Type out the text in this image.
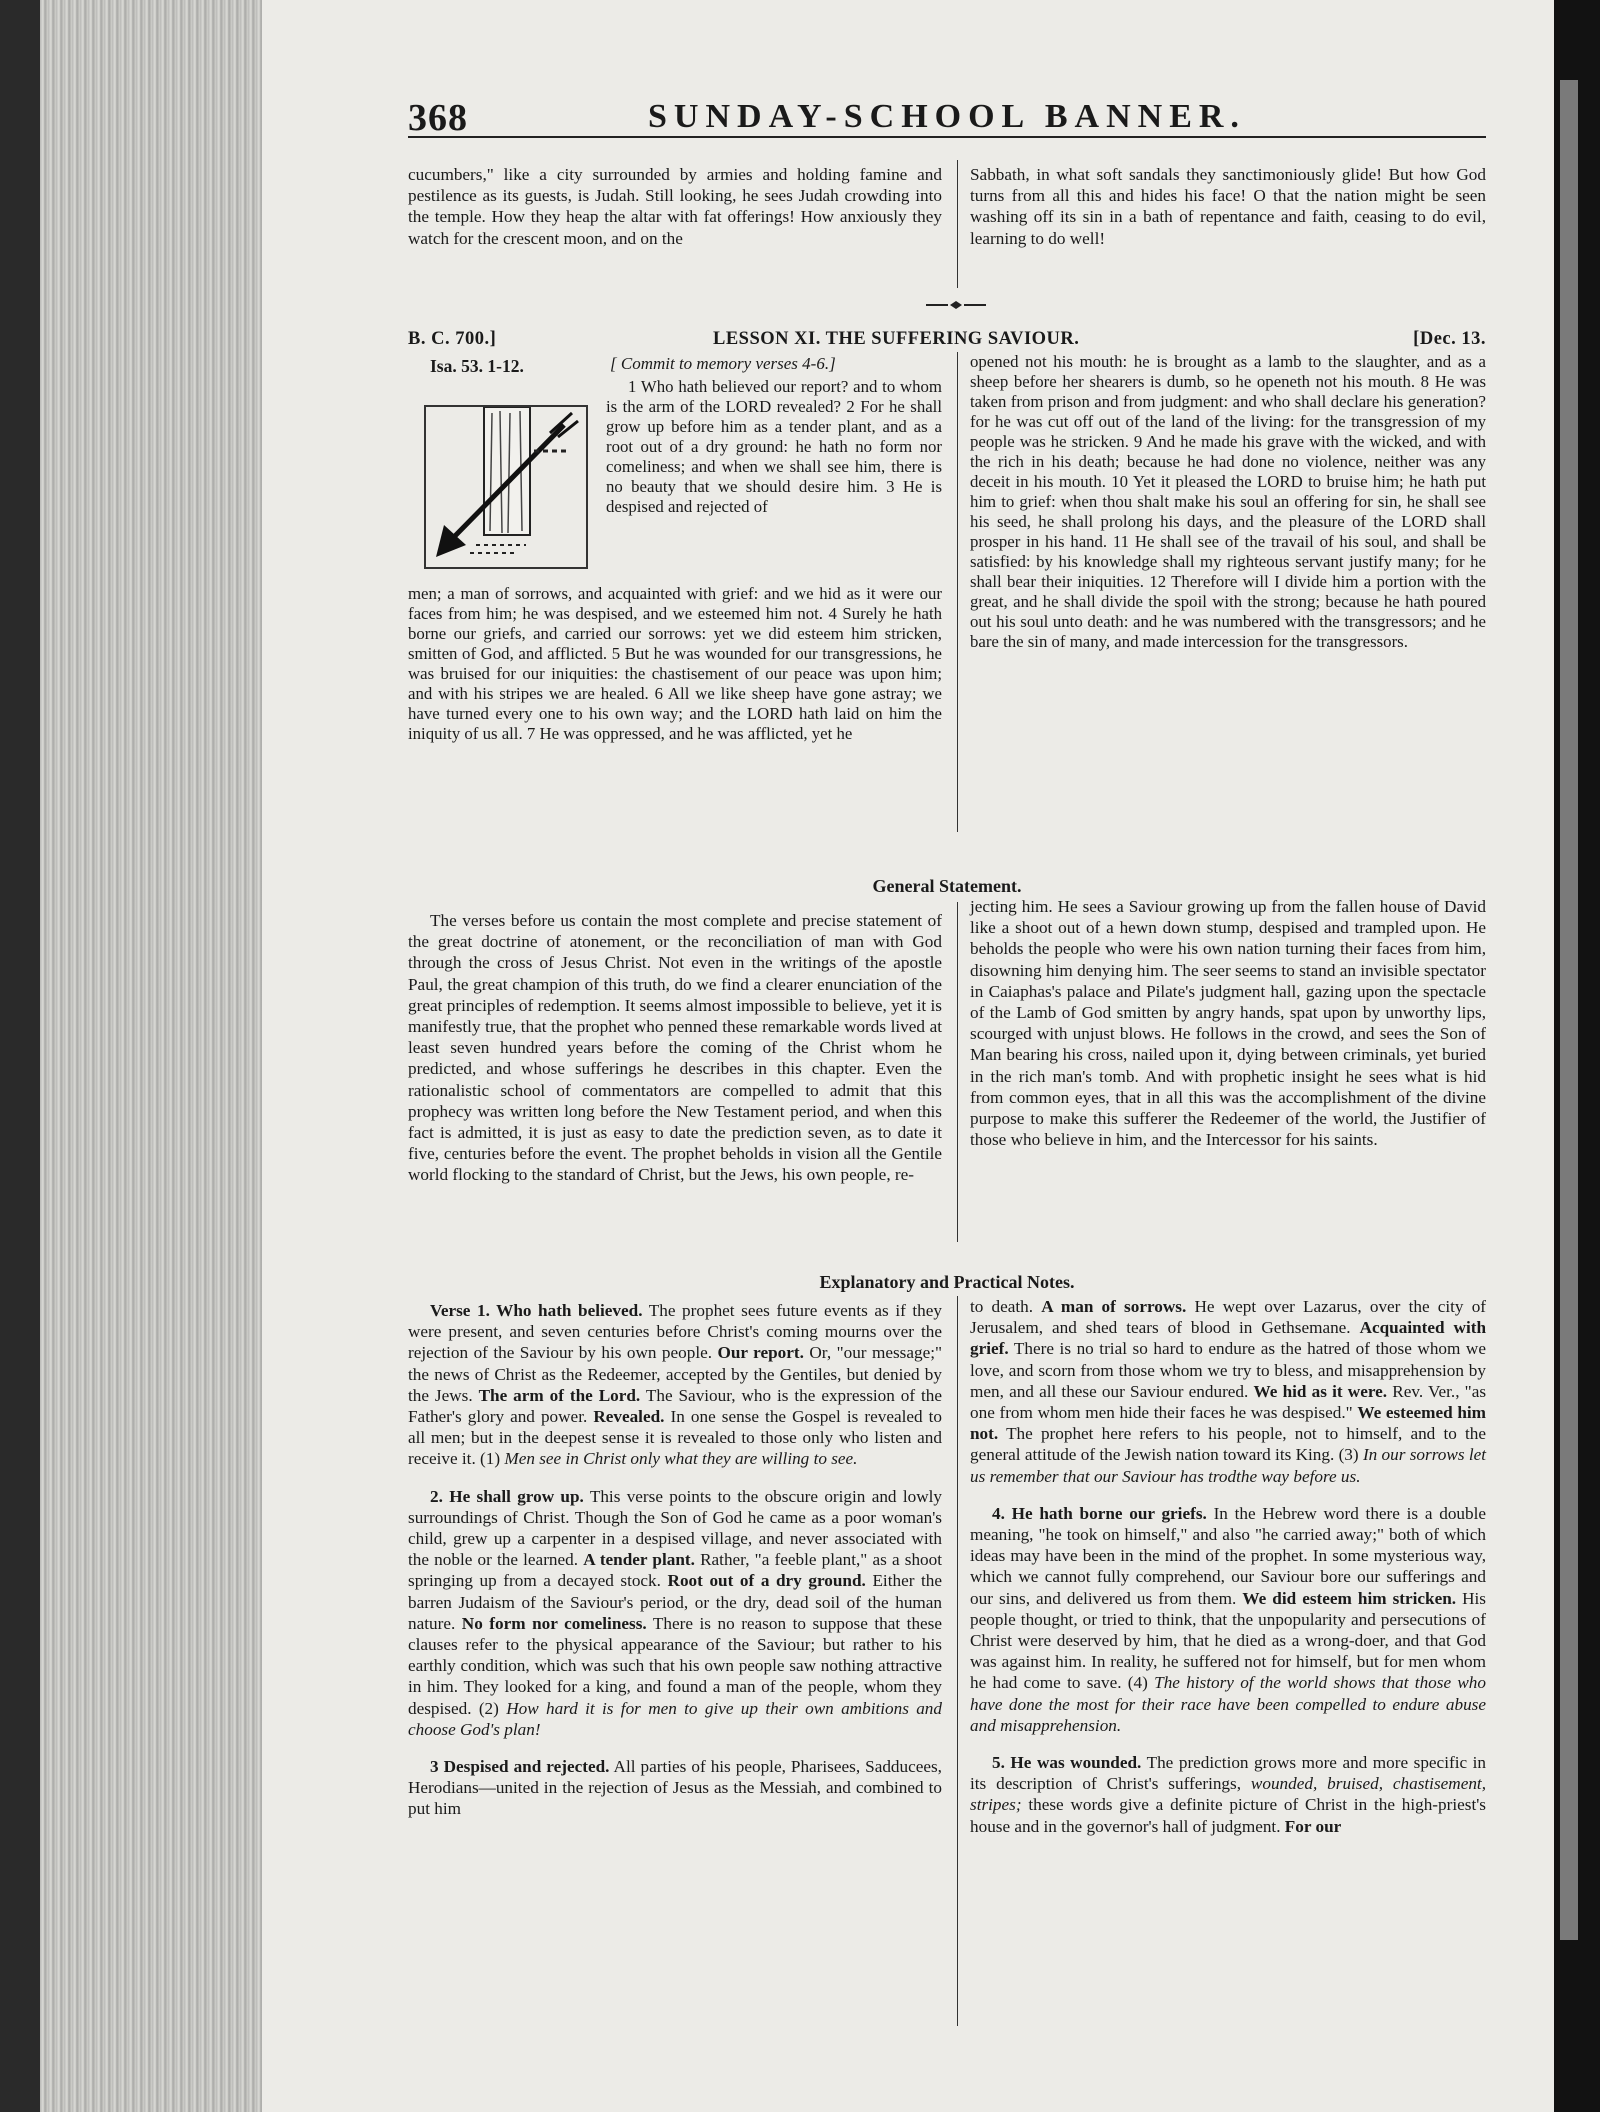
368	SUNDAY-SCHOOL BANNER.

cucumbers," like a city surrounded by armies and holding famine and pestilence as its guests, is Judah. Still looking, he sees Judah crowding into the temple. How they heap the altar with fat offerings! How anxiously they watch for the crescent moon, and on the

Sabbath, in what soft sandals they sanctimoniously glide! But how God turns from all this and hides his face! O that the nation might be seen washing off its sin in a bath of repentance and faith, ceasing to do evil, learning to do well!

B. C. 700.]	LESSON XI. THE SUFFERING SAVIOUR.	[Dec. 13.
Isa. 53. 1-12.	[ Commit to memory verses 4-6.]

1 Who hath believed our report? and to whom is the arm of the LORD revealed? 2 For he shall grow up before him as a tender plant, and as a root out of a dry ground: he hath no form nor comeliness; and when we shall see him, there is no beauty that we should desire him. 3 He is despised and rejected of

men; a man of sorrows, and acquainted with grief: and we hid as it were our faces from him; he was despised, and we esteemed him not. 4 Surely he hath borne our griefs, and carried our sorrows: yet we did esteem him stricken, smitten of God, and afflicted. 5 But he was wounded for our transgressions, he was bruised for our iniquities: the chastisement of our peace was upon him; and with his stripes we are healed. 6 All we like sheep have gone astray; we have turned every one to his own way; and the LORD hath laid on him the iniquity of us all. 7 He was oppressed, and he was afflicted, yet he

opened not his mouth: he is brought as a lamb to the slaughter, and as a sheep before her shearers is dumb, so he openeth not his mouth. 8 He was taken from prison and from judgment: and who shall declare his generation? for he was cut off out of the land of the living: for the transgression of my people was he stricken. 9 And he made his grave with the wicked, and with the rich in his death; because he had done no violence, neither was any deceit in his mouth. 10 Yet it pleased the LORD to bruise him; he hath put him to grief: when thou shalt make his soul an offering for sin, he shall see his seed, he shall prolong his days, and the pleasure of the LORD shall prosper in his hand. 11 He shall see of the travail of his soul, and shall be satisfied: by his knowledge shall my righteous servant justify many; for he shall bear their iniquities. 12 Therefore will I divide him a portion with the great, and he shall divide the spoil with the strong; because he hath poured out his soul unto death: and he was numbered with the transgressors; and he bare the sin of many, and made intercession for the transgressors.

General Statement.

The verses before us contain the most complete and precise statement of the great doctrine of atonement, or the reconciliation of man with God through the cross of Jesus Christ. Not even in the writings of the apostle Paul, the great champion of this truth, do we find a clearer enunciation of the great principles of redemption. It seems almost impossible to believe, yet it is manifestly true, that the prophet who penned these remarkable words lived at least seven hundred years before the coming of the Christ whom he predicted, and whose sufferings he describes in this chapter. Even the rationalistic school of commentators are compelled to admit that this prophecy was written long before the New Testament period, and when this fact is admitted, it is just as easy to date the prediction seven, as to date it five, centuries before the event. The prophet beholds in vision all the Gentile world flocking to the standard of Christ, but the Jews, his own people, re-

jecting him. He sees a Saviour growing up from the fallen house of David like a shoot out of a hewn down stump, despised and trampled upon. He beholds the people who were his own nation turning their faces from him, disowning him denying him. The seer seems to stand an invisible spectator in Caiaphas's palace and Pilate's judgment hall, gazing upon the spectacle of the Lamb of God smitten by angry hands, spat upon by unworthy lips, scourged with unjust blows. He follows in the crowd, and sees the Son of Man bearing his cross, nailed upon it, dying between criminals, yet buried in the rich man's tomb. And with prophetic insight he sees what is hid from common eyes, that in all this was the accomplishment of the divine purpose to make this sufferer the Redeemer of the world, the Justifier of those who believe in him, and the Intercessor for his saints.

Explanatory and Practical Notes.

Verse 1. Who hath believed. The prophet sees future events as if they were present, and seven centuries before Christ's coming mourns over the rejection of the Saviour by his own people. Our report. Or, "our message;" the news of Christ as the Redeemer, accepted by the Gentiles, but denied by the Jews. The arm of the Lord. The Saviour, who is the expression of the Father's glory and power. Revealed. In one sense the Gospel is revealed to all men; but in the deepest sense it is revealed to those only who listen and receive it. (1) Men see in Christ only what they are willing to see.

2. He shall grow up. This verse points to the obscure origin and lowly surroundings of Christ. Though the Son of God he came as a poor woman's child, grew up a carpenter in a despised village, and never associated with the noble or the learned. A tender plant. Rather, "a feeble plant," as a shoot springing up from a decayed stock. Root out of a dry ground. Either the barren Judaism of the Saviour's period, or the dry, dead soil of the human nature. No form nor comeliness. There is no reason to suppose that these clauses refer to the physical appearance of the Saviour; but rather to his earthly condition, which was such that his own people saw nothing attractive in him. They looked for a king, and found a man of the people, whom they despised. (2) How hard it is for men to give up their own ambitions and choose God's plan!

3 Despised and rejected. All parties of his people, Pharisees, Sadducees, Herodians—united in the rejection of Jesus as the Messiah, and combined to put him

to death. A man of sorrows. He wept over Lazarus, over the city of Jerusalem, and shed tears of blood in Gethsemane. Acquainted with grief. There is no trial so hard to endure as the hatred of those whom we love, and scorn from those whom we try to bless, and misapprehension by men, and all these our Saviour endured. We hid as it were. Rev. Ver., "as one from whom men hide their faces he was despised." We esteemed him not. The prophet here refers to his people, not to himself, and to the general attitude of the Jewish nation toward its King. (3) In our sorrows let us remember that our Saviour has trodthe way before us.

4. He hath borne our griefs. In the Hebrew word there is a double meaning, "he took on himself," and also "he carried away;" both of which ideas may have been in the mind of the prophet. In some mysterious way, which we cannot fully comprehend, our Saviour bore our sufferings and our sins, and delivered us from them. We did esteem him stricken. His people thought, or tried to think, that the unpopularity and persecutions of Christ were deserved by him, that he died as a wrong-doer, and that God was against him. In reality, he suffered not for himself, but for men whom he had come to save. (4) The history of the world shows that those who have done the most for their race have been compelled to endure abuse and misapprehension.

5. He was wounded. The prediction grows more and more specific in its description of Christ's sufferings, wounded, bruised, chastisement, stripes; these words give a definite picture of Christ in the high-priest's house and in the governor's hall of judgment. For our
